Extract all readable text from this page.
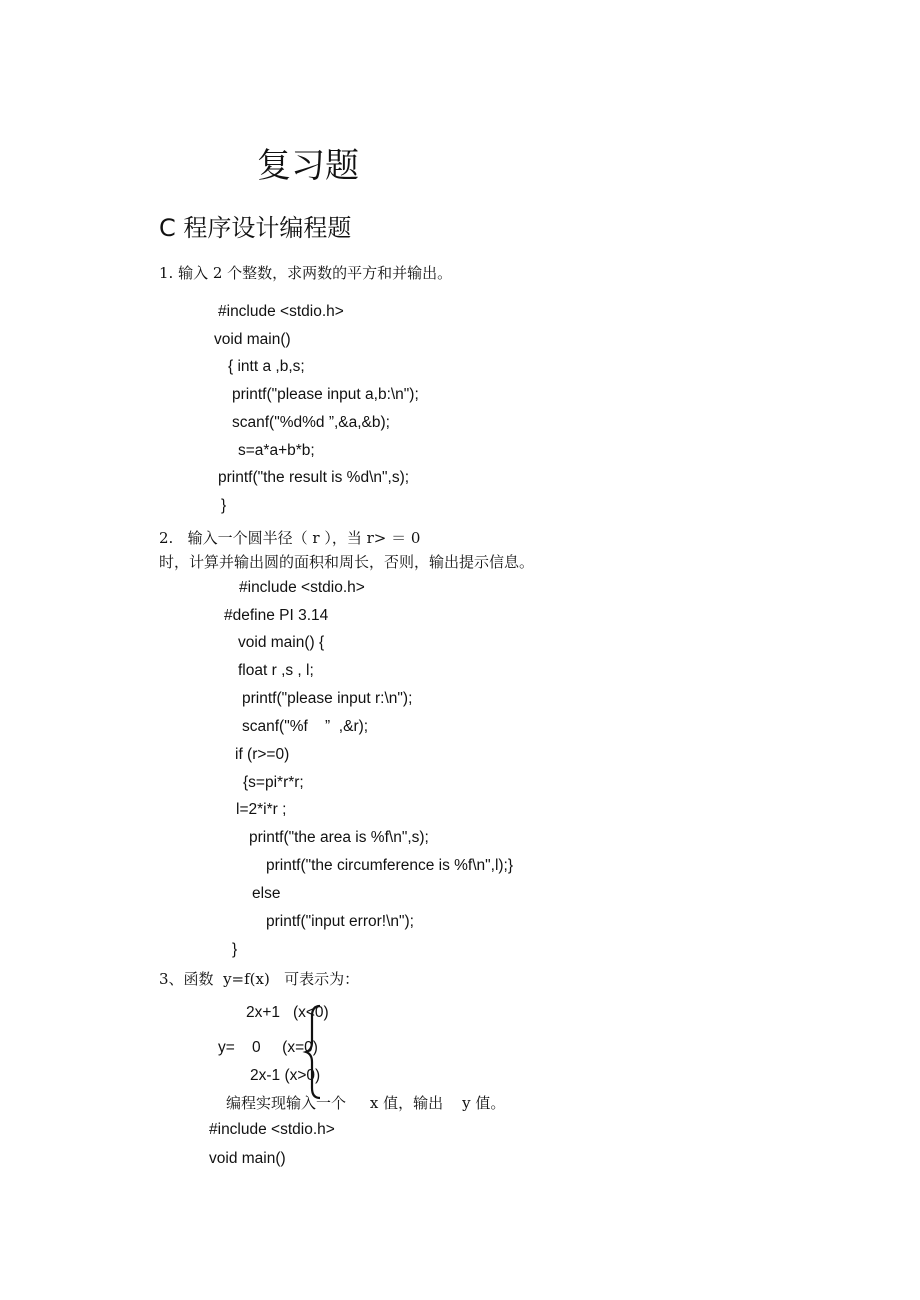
复习题
C 程序设计编程题
1. 输入 2 个整数，求两数的平方和并输出。
#include <stdio.h>
void main()
{ intt a ,b,s;
printf("please input a,b:\n");
scanf("%d%d ”,&a,&b);
s=a*a+b*b;
printf("the result is %d\n",s);
}
2.   输入一个圆半径（ r ），当 r> ＝ 0
时，计算并输出圆的面积和周长，否则，输出提示信息。
#include <stdio.h>
#define PI 3.14
void main() {
float r ,s , l;
printf("please input r:\n");
scanf("%f    ”  ,&r);
if (r>=0)
{s=pi*r*r;
l=2*i*r ;
printf("the area is %f\n",s);
printf("the circumference is %f\n",l);}
else
printf("input error!\n");
}
3、函数  y=f(x)   可表示为：
2x+1   (x<0)
y=    0     (x=0)
2x-1 (x>0)
编程实现输入一个     x 值，输出    y 值。
#include <stdio.h>
void main()
